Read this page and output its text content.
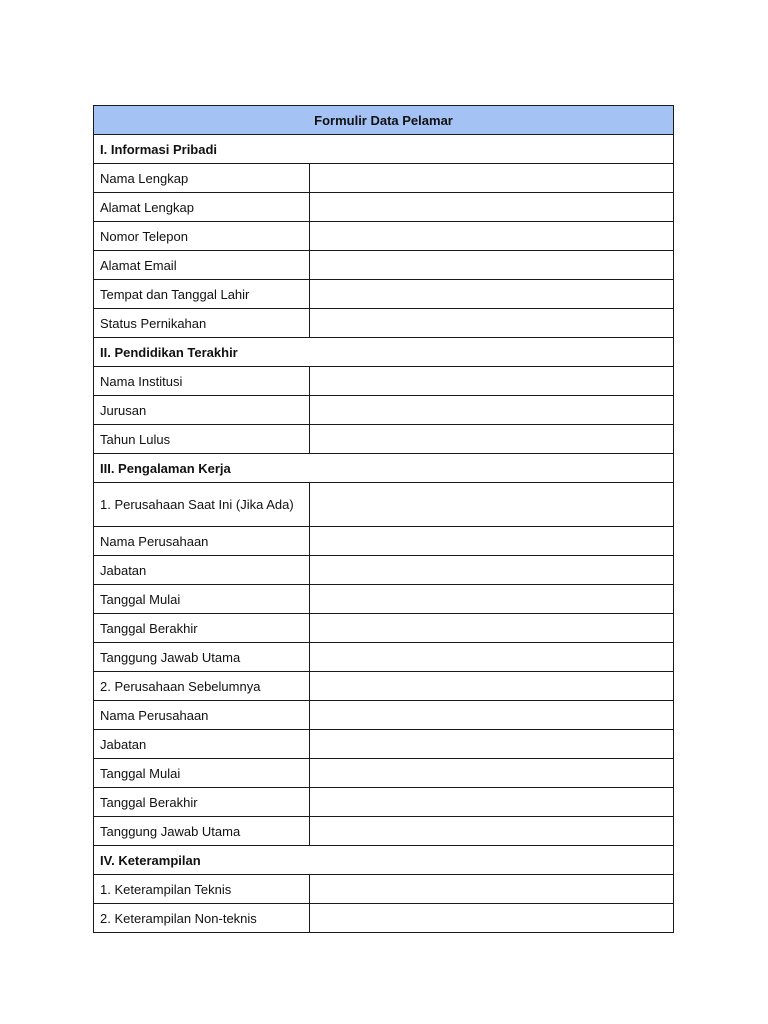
Formulir Data Pelamar	
I. Informasi Pribadi	
Nama Lengkap	
Alamat Lengkap	
Nomor Telepon	
Alamat Email	
Tempat dan Tanggal Lahir	
Status Pernikahan	
II. Pendidikan Terakhir	
Nama Institusi	
Jurusan	
Tahun Lulus	
III. Pengalaman Kerja	
1. Perusahaan Saat Ini (Jika Ada)	
Nama Perusahaan	
Jabatan	
Tanggal Mulai	
Tanggal Berakhir	
Tanggung Jawab Utama	
2. Perusahaan Sebelumnya	
Nama Perusahaan	
Jabatan	
Tanggal Mulai	
Tanggal Berakhir	
Tanggung Jawab Utama	
IV. Keterampilan	
1. Keterampilan Teknis	
2. Keterampilan Non-teknis	
